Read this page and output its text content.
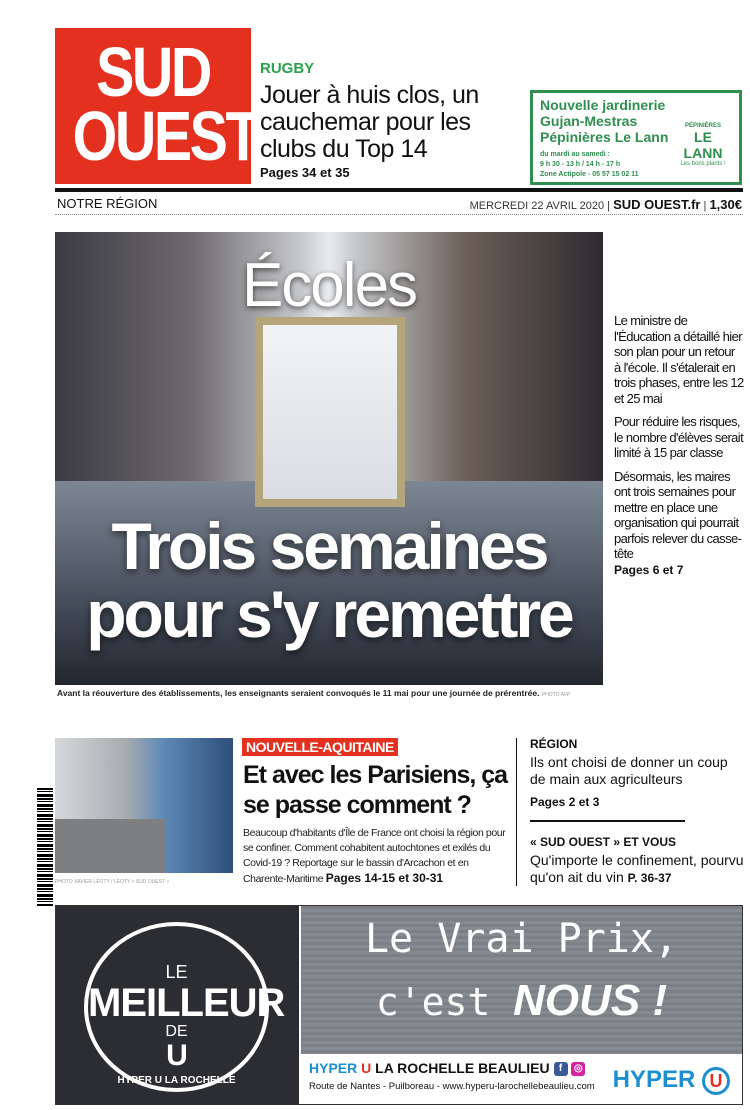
SUD
OUEST
RUGBY
Jouer à huis clos, un cauchemar pour les clubs du Top 14
Pages 34 et 35
Nouvelle jardinerie
Gujan-Mestras
Pépinières Le Lann
du mardi au samedi :
9 h 30 - 13 h / 14 h - 17 h
Zone Actipole - 05 57 15 02 11
PÉPINIÈRES
LE LANN
Les bons plants !
NOTRE RÉGION	MERCREDI 22 AVRIL 2020 | SUD OUEST.fr | 1,30€
Écoles
Trois semaines
pour s'y remettre

Le ministre de l'Éducation a détaillé hier son plan pour un retour à l'école. Il s'étalerait en trois phases, entre les 12 et 25 mai

Pour réduire les risques, le nombre d'élèves serait limité à 15 par classe

Désormais, les maires ont trois semaines pour mettre en place une organisation qui pourrait parfois relever du casse-tête
Pages 6 et 7

Avant la réouverture des établissements, les enseignants seraient convoqués le 11 mai pour une journée de prérentrée. PHOTO AFP
PHOTO XAVIER LÉOTY / LÉOTY « SUD OUEST »
NOUVELLE-AQUITAINE
Et avec les Parisiens, ça se passe comment ?
Beaucoup d'habitants d'Île de France ont choisi la région pour se confiner. Comment cohabitent autochtones et exilés du Covid-19 ? Reportage sur le bassin d'Arcachon et en Charente-Maritime Pages 14-15 et 30-31
RÉGION
Ils ont choisi de donner un coup de main aux agriculteurs
Pages 2 et 3
« SUD OUEST » ET VOUS
Qu'importe le confinement, pourvu qu'on ait du vin P. 36-37
LE
MEILLEUR
DE
U
HYPER U LA ROCHELLE
Le Vrai Prix,
c'est NOUS !
HYPER U LA ROCHELLE BEAULIEU f ◎
Route de Nantes - Puilboreau - www.hyperu-larochellebeaulieu.com HYPER U
